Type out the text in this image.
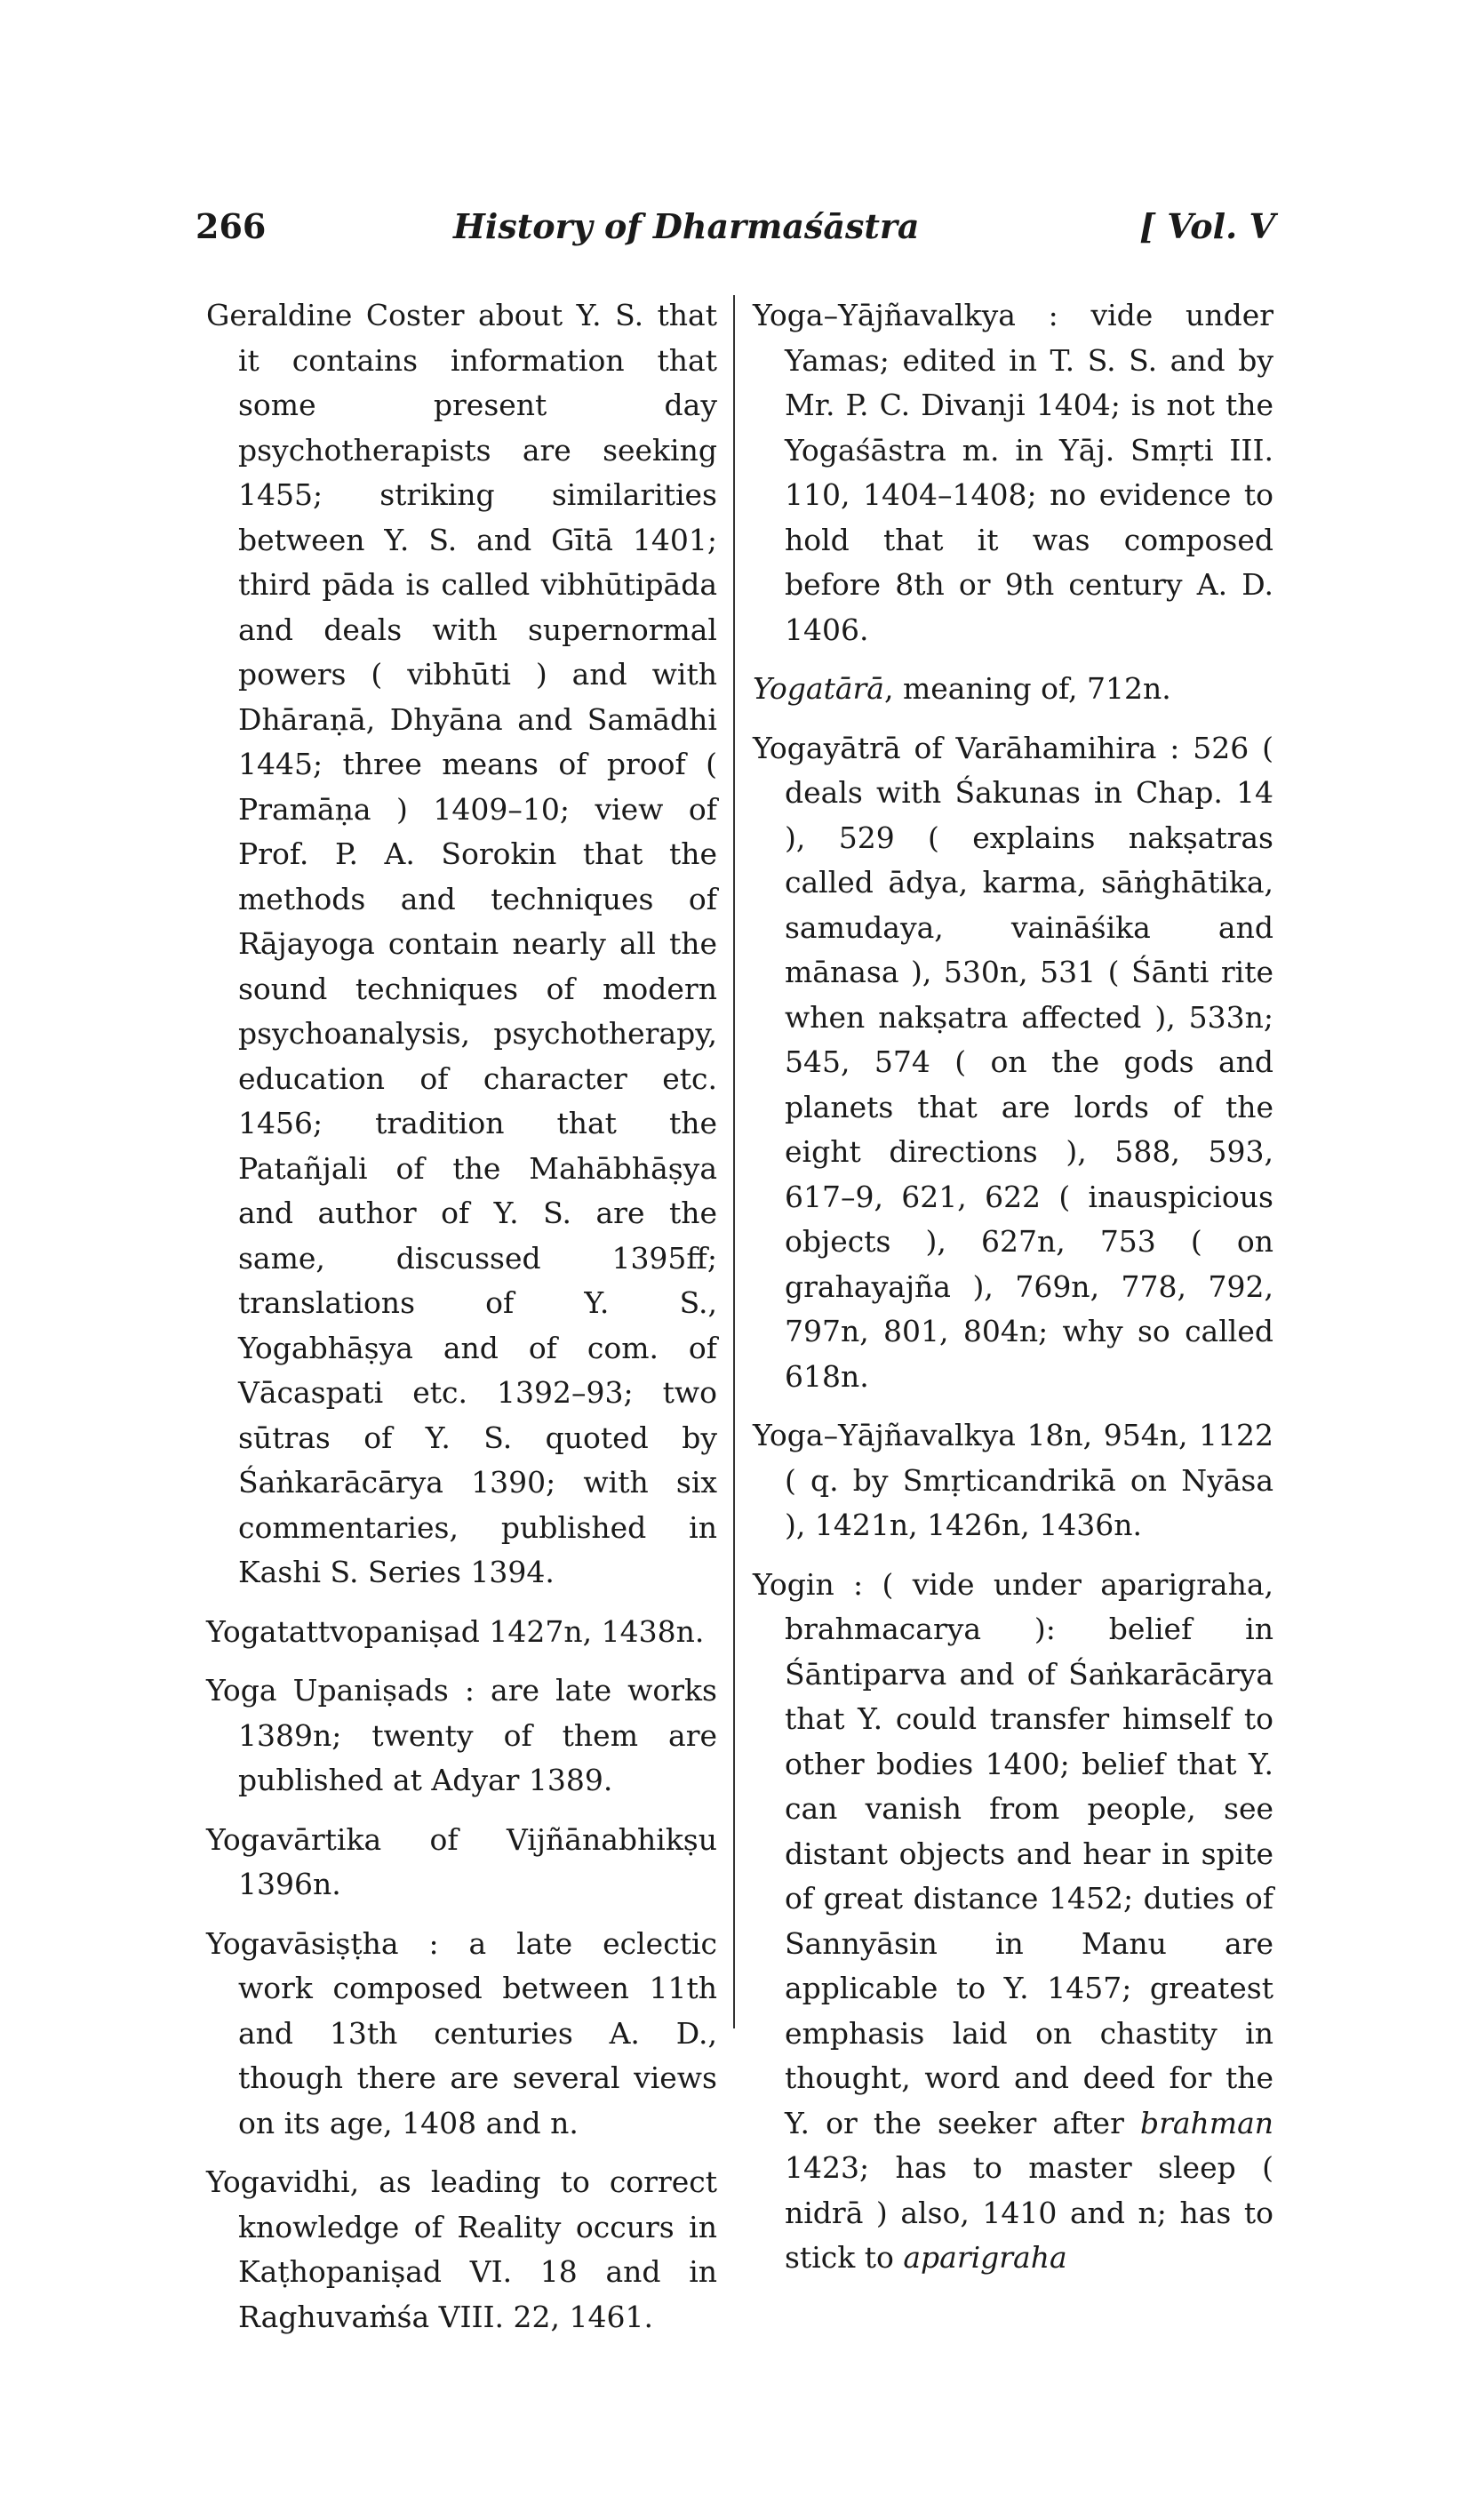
266	History of Dharmaśāstra	[ Vol. V

Geraldine Coster about Y. S. that it contains information that some present day psychotherapists are seeking 1455; striking similarities between Y. S. and Gītā 1401; third pāda is called vibhūtipāda and deals with supernormal powers ( vibhūti ) and with Dhāraṇā, Dhyāna and Samādhi 1445; three means of proof ( Pramāṇa ) 1409–10; view of Prof. P. A. Sorokin that the methods and techniques of Rājayoga contain nearly all the sound techniques of modern psychoanalysis, psychotherapy, education of character etc. 1456; tradition that the Patañjali of the Mahābhāṣya and author of Y. S. are the same, discussed 1395ff; translations of Y. S., Yogabhāṣya and of com. of Vācaspati etc. 1392–93; two sūtras of Y. S. quoted by Śaṅkarācārya 1390; with six commentaries, published in Kashi S. Series 1394.

Yogatattvopaniṣad 1427n, 1438n.

Yoga Upaniṣads : are late works 1389n; twenty of them are published at Adyar 1389.

Yogavārtika of Vijñānabhikṣu 1396n.

Yogavāsiṣṭha : a late eclectic work composed between 11th and 13th centuries A. D., though there are several views on its age, 1408 and n.

Yogavidhi, as leading to correct knowledge of Reality occurs in Kaṭhopaniṣad VI. 18 and in Raghuvaṁśa VIII. 22, 1461.

Yoga–Yājñavalkya : vide under Yamas; edited in T. S. S. and by Mr. P. C. Divanji 1404; is not the Yogaśāstra m. in Yāj. Smṛti III. 110, 1404–1408; no evidence to hold that it was composed before 8th or 9th century A. D. 1406.

Yogatārā, meaning of, 712n.

Yogayātrā of Varāhamihira : 526 ( deals with Śakunas in Chap. 14 ), 529 ( explains nakṣatras called ādya, karma, sāṅghātika, samudaya, vaināśika and mānasa ), 530n, 531 ( Śānti rite when nakṣatra affected ), 533n; 545, 574 ( on the gods and planets that are lords of the eight directions ), 588, 593, 617–9, 621, 622 ( inauspicious objects ), 627n, 753 ( on grahayajña ), 769n, 778, 792, 797n, 801, 804n; why so called 618n.

Yoga–Yājñavalkya 18n, 954n, 1122 ( q. by Smṛticandrikā on Nyāsa ), 1421n, 1426n, 1436n.

Yogin : ( vide under aparigraha, brahmacarya ): belief in Śāntiparva and of Śaṅkarācārya that Y. could transfer himself to other bodies 1400; belief that Y. can vanish from people, see distant objects and hear in spite of great distance 1452; duties of Sannyāsin in Manu are applicable to Y. 1457; greatest emphasis laid on chastity in thought, word and deed for the Y. or the seeker after brahman 1423; has to master sleep ( nidrā ) also, 1410 and n; has to stick to aparigraha
